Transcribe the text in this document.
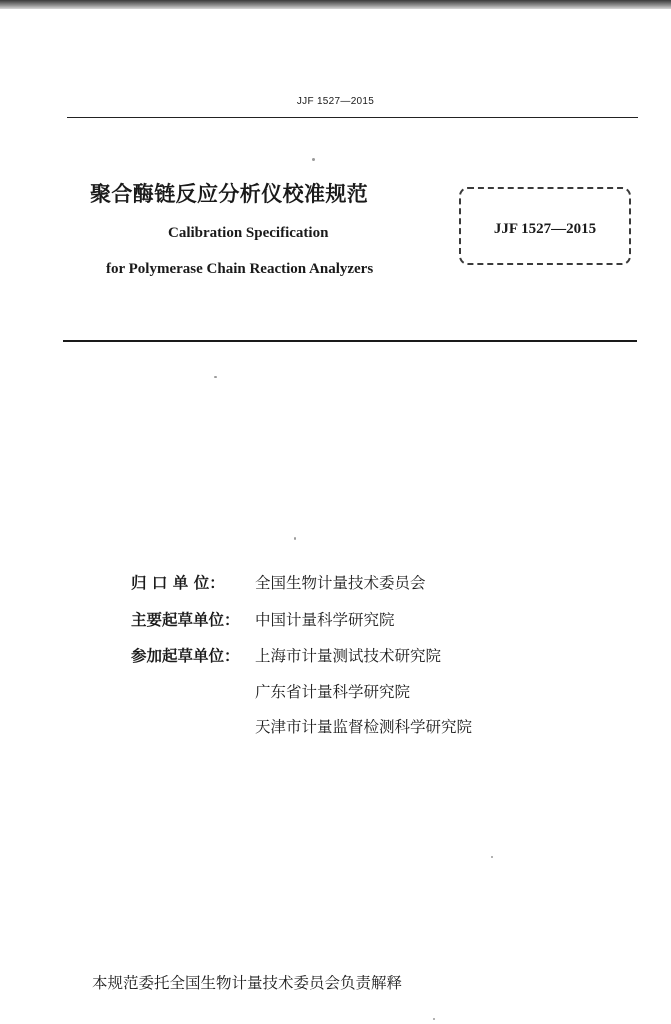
JJF 1527—2015
聚合酶链反应分析仪校准规范
Calibration Specification
for Polymerase Chain Reaction Analyzers
JJF 1527—2015
归 口 单 位： 全国生物计量技术委员会
主要起草单位： 中国计量科学研究院
参加起草单位： 上海市计量测试技术研究院
广东省计量科学研究院
天津市计量监督检测科学研究院
本规范委托全国生物计量技术委员会负责解释
